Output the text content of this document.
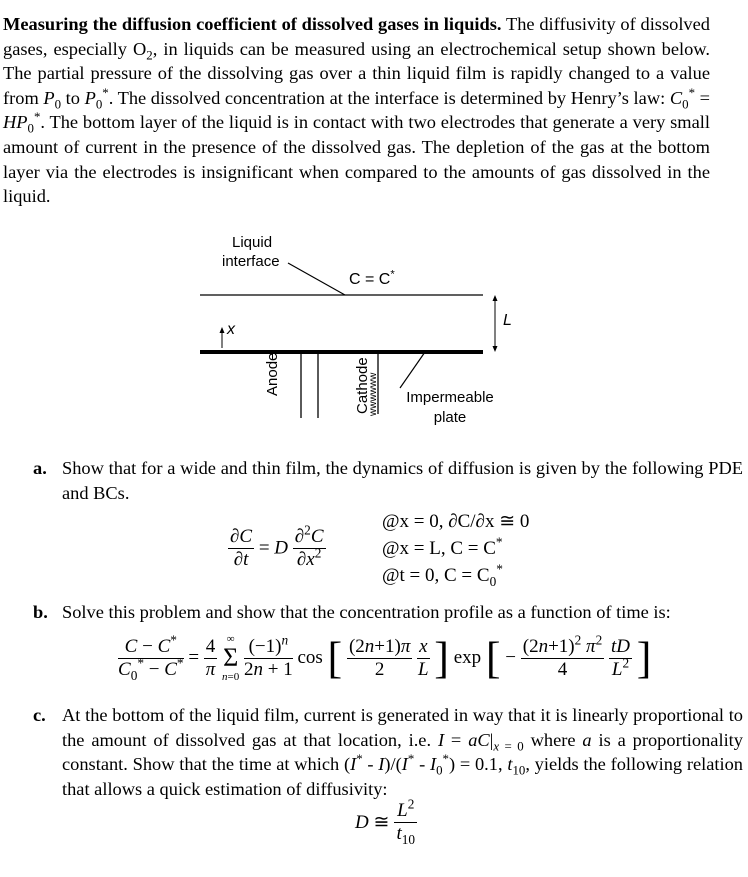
Measuring the diffusion coefficient of dissolved gases in liquids. The diffusivity of dissolved gases, especially $O_2$, in liquids can be measured using an electrochemical setup shown below. The partial pressure of the dissolving gas over a thin liquid film is rapidly changed to a value from $P_0$ to $P_0^*$. The dissolved concentration at the interface is determined by Henry’s law: $C_0^* = HP_0^*$. The bottom layer of the liquid is in contact with two electrodes that generate a very small amount of current in the presence of the dissolved gas. The depletion of the gas at the bottom layer via the electrodes is insignificant when compared to the amounts of gas dissolved in the liquid.
wwwwww
Liquid
interface
C = C*
x
L
Anode	Cathode Impermeable
plate
a. Show that for a wide and thin film, the dynamics of diffusion is given by the following PDE and BCs.
$\frac{\partial C}{\partial t} = D \frac{\partial^2C}{\partial x^2}$
@x = 0, ∂C/∂x ≅ 0
@x = L, C = C*
@t = 0, $C = C_0^*$
b. Solve this problem and show that the concentration profile as a function of time is:
$\frac{C - C^*}{C_0^* - C^*} = \frac{4}{\pi}$
∞
Σ
n=0
$\frac{(-1)^n}{2n + 1}$ cos [ $\frac{(2n+1)\pi}{2}$
$\frac{x}{L}$ ] exp [ − $\frac{(2n+1)^2 \pi^2}{4}$
$\frac{tD}{L^2}$ ]
c. At the bottom of the liquid film, current is generated in way that it is linearly proportional to the amount of dissolved gas at that location, i.e. $I = aC|_{x = 0}$ where a is a proportionality constant. Show that the time at which $(I^* - I)/(I^* - I_0^*) = 0.1$, $t_{10}$, yields the following relation that allows a quick estimation of diffusivity:
D ≅ $\frac{L^2}{t_{10}}$
